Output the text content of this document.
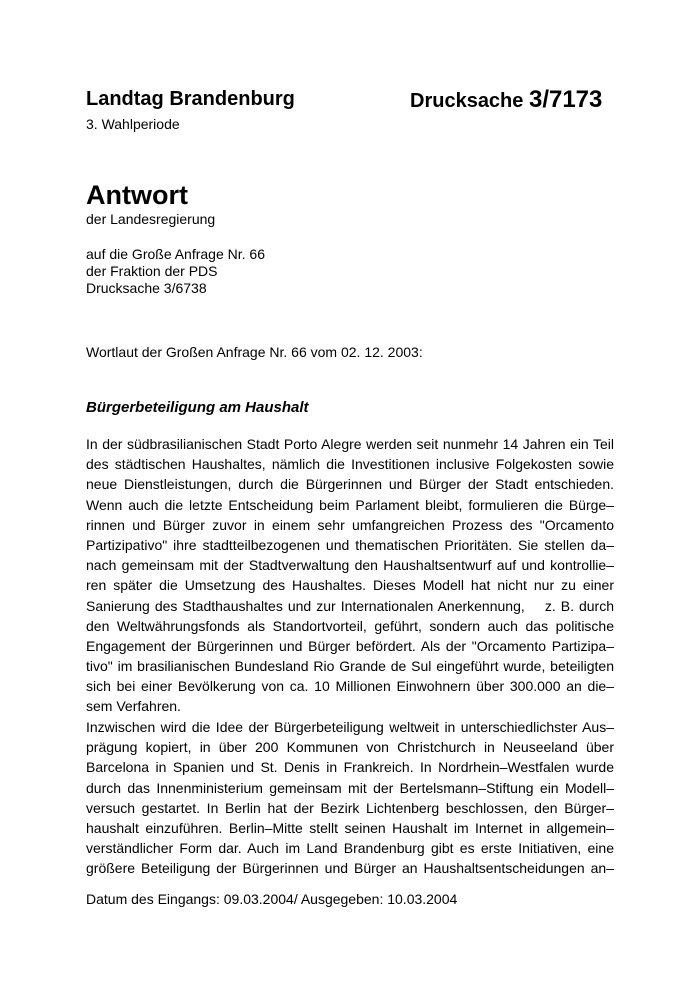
Landtag Brandenburg	Drucksache 3/7173
3. Wahlperiode
Antwort
der Landesregierung
auf die Große Anfrage Nr. 66
der Fraktion der PDS
Drucksache 3/6738
Wortlaut der Großen Anfrage Nr. 66 vom 02. 12. 2003:
Bürgerbeteiligung am Haushalt
In der südbrasilianischen Stadt Porto Alegre werden seit nunmehr 14 Jahren ein Teil
des städtischen Haushaltes, nämlich die Investitionen inclusive Folgekosten sowie
neue Dienstleistungen, durch die Bürgerinnen und Bürger der Stadt entschieden.
Wenn auch die letzte Entscheidung beim Parlament bleibt, formulieren die Bürge–
rinnen und Bürger zuvor in einem sehr umfangreichen Prozess des "Orcamento
Partizipativo" ihre stadtteilbezogenen und thematischen Prioritäten. Sie stellen da–
nach gemeinsam mit der Stadtverwaltung den Haushaltsentwurf auf und kontrollie–
ren später die Umsetzung des Haushaltes. Dieses Modell hat nicht nur zu einer
Sanierung des Stadthaushaltes und zur Internationalen Anerkennung,    z. B. durch
den Weltwährungsfonds als Standortvorteil, geführt, sondern auch das politische
Engagement der Bürgerinnen und Bürger befördert. Als der "Orcamento Partizipa–
tivo" im brasilianischen Bundesland Rio Grande de Sul eingeführt wurde, beteiligten
sich bei einer Bevölkerung von ca. 10 Millionen Einwohnern über 300.000 an die–
sem Verfahren.
Inzwischen wird die Idee der Bürgerbeteiligung weltweit in unterschiedlichster Aus–
prägung kopiert, in über 200 Kommunen von Christchurch in Neuseeland über
Barcelona in Spanien und St. Denis in Frankreich. In Nordrhein–Westfalen wurde
durch das Innenministerium gemeinsam mit der Bertelsmann–Stiftung ein Modell–
versuch gestartet. In Berlin hat der Bezirk Lichtenberg beschlossen, den Bürger–
haushalt einzuführen. Berlin–Mitte stellt seinen Haushalt im Internet in allgemein–
verständlicher Form dar. Auch im Land Brandenburg gibt es erste Initiativen, eine
größere Beteiligung der Bürgerinnen und Bürger an Haushaltsentscheidungen an–
Datum des Eingangs: 09.03.2004/ Ausgegeben: 10.03.2004
